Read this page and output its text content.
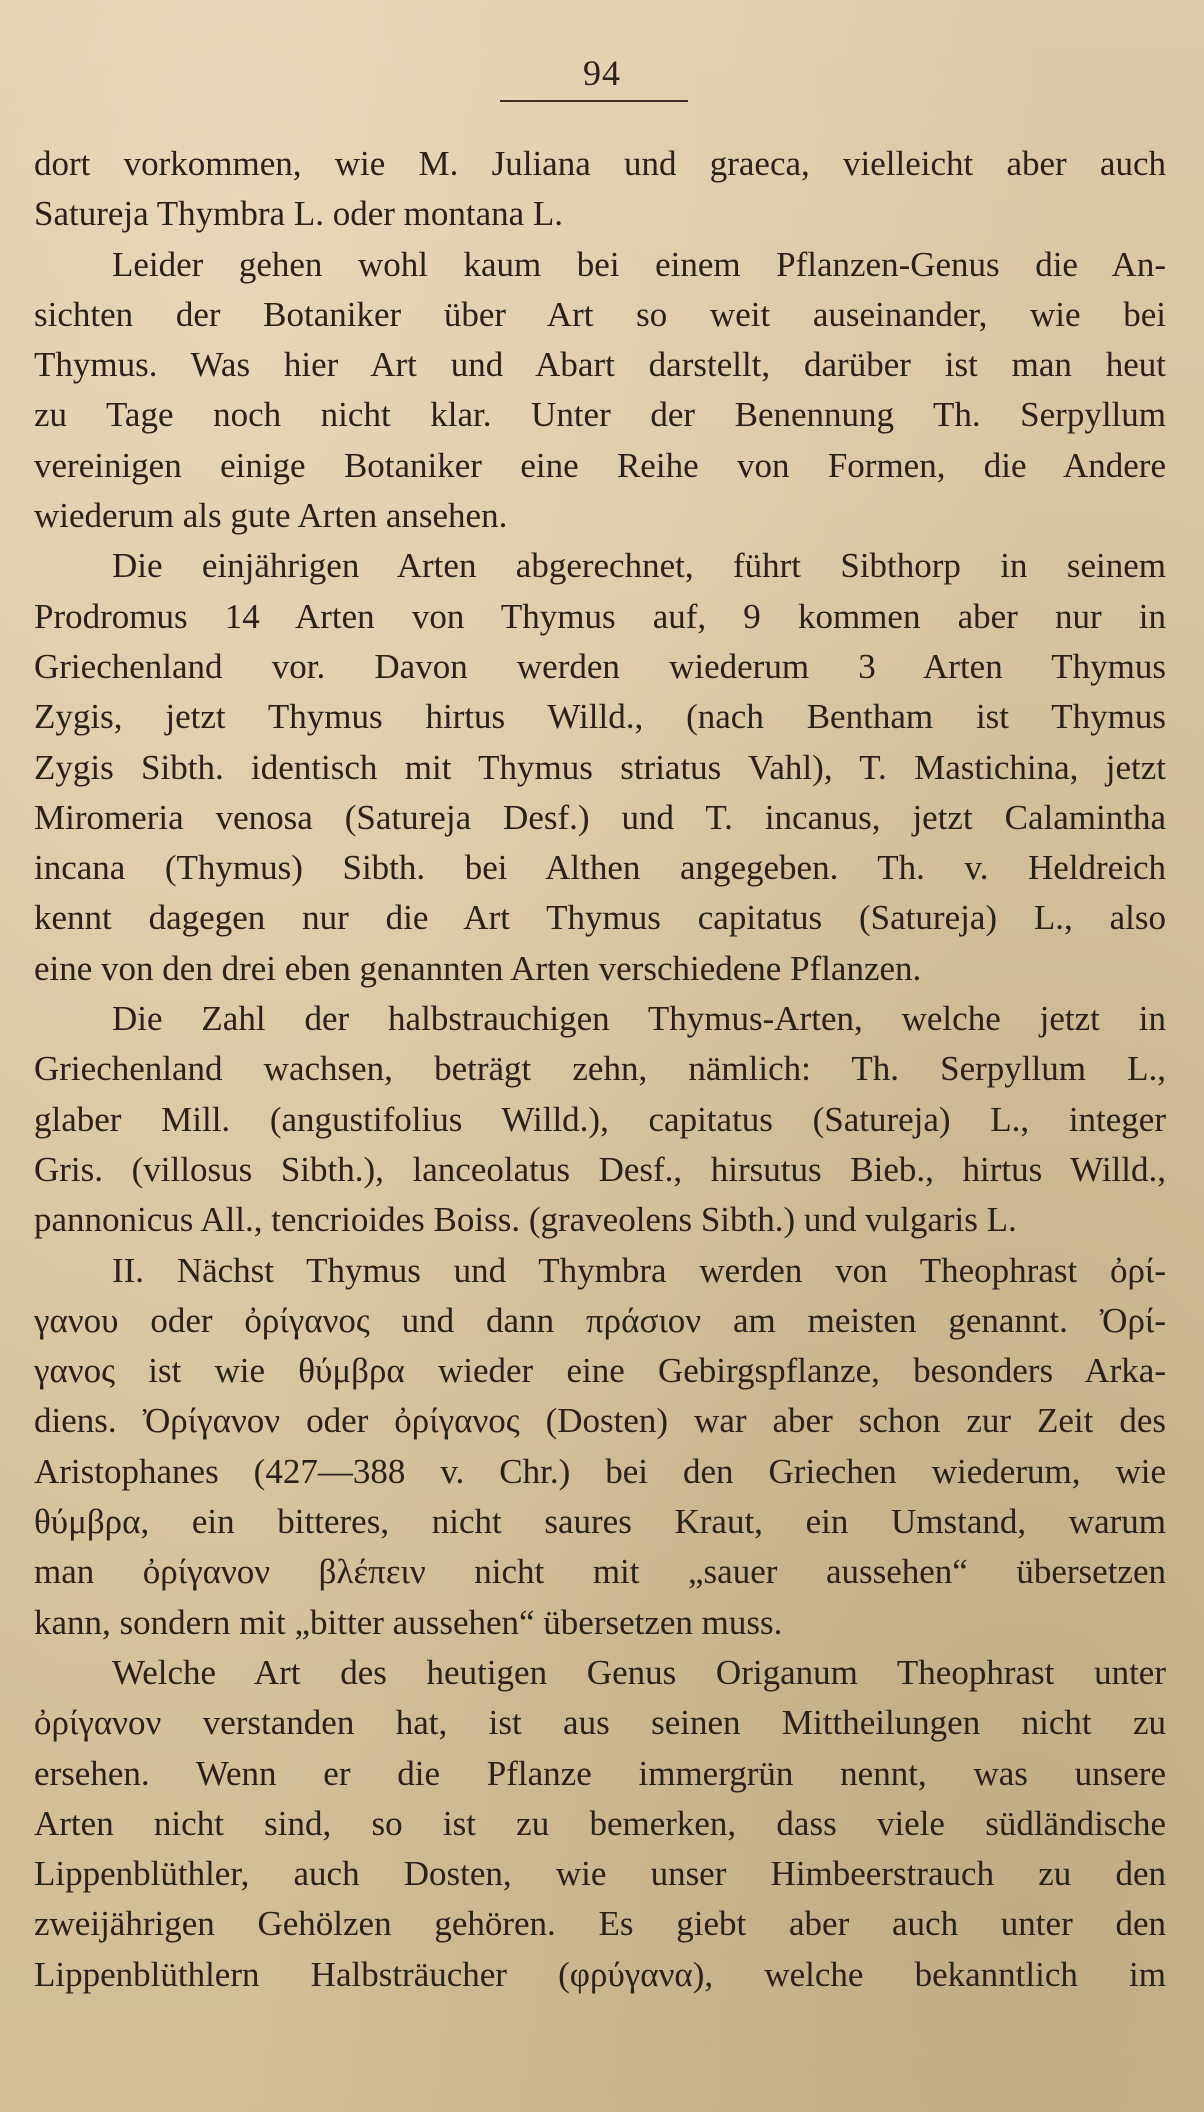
94
dort vorkommen, wie M. Juliana und graeca, vielleicht aber auch
Satureja Thymbra L. oder montana L.
Leider gehen wohl kaum bei einem Pflanzen-Genus die An-
sichten der Botaniker über Art so weit auseinander, wie bei
Thymus. Was hier Art und Abart darstellt, darüber ist man heut
zu Tage noch nicht klar. Unter der Benennung Th. Serpyllum
vereinigen einige Botaniker eine Reihe von Formen, die Andere
wiederum als gute Arten ansehen.
Die einjährigen Arten abgerechnet, führt Sibthorp in seinem
Prodromus 14 Arten von Thymus auf, 9 kommen aber nur in
Griechenland vor. Davon werden wiederum 3 Arten Thymus
Zygis, jetzt Thymus hirtus Willd., (nach Bentham ist Thymus
Zygis Sibth. identisch mit Thymus striatus Vahl), T. Mastichina, jetzt
Miromeria venosa (Satureja Desf.) und T. incanus, jetzt Calamintha
incana (Thymus) Sibth. bei Althen angegeben. Th. v. Heldreich
kennt dagegen nur die Art Thymus capitatus (Satureja) L., also
eine von den drei eben genannten Arten verschiedene Pflanzen.
Die Zahl der halbstrauchigen Thymus-Arten, welche jetzt in
Griechenland wachsen, beträgt zehn, nämlich: Th. Serpyllum L.,
glaber Mill. (angustifolius Willd.), capitatus (Satureja) L., integer
Gris. (villosus Sibth.), lanceolatus Desf., hirsutus Bieb., hirtus Willd.,
pannonicus All., tencrioides Boiss. (graveolens Sibth.) und vulgaris L.
II. Nächst Thymus und Thymbra werden von Theophrast ὀρί-
γανου oder ὀρίγανος und dann πράσιον am meisten genannt. Ὀρί-
γανος ist wie θύμβρα wieder eine Gebirgspflanze, besonders Arka-
diens. Ὀρίγανον oder ὀρίγανος (Dosten) war aber schon zur Zeit des
Aristophanes (427—388 v. Chr.) bei den Griechen wiederum, wie
θύμβρα, ein bitteres, nicht saures Kraut, ein Umstand, warum
man ὀρίγανον βλέπειν nicht mit „sauer aussehen“ übersetzen
kann, sondern mit „bitter aussehen“ übersetzen muss.
Welche Art des heutigen Genus Origanum Theophrast unter
ὀρίγανον verstanden hat, ist aus seinen Mittheilungen nicht zu
ersehen. Wenn er die Pflanze immergrün nennt, was unsere
Arten nicht sind, so ist zu bemerken, dass viele südländische
Lippenblüthler, auch Dosten, wie unser Himbeerstrauch zu den
zweijährigen Gehölzen gehören. Es giebt aber auch unter den
Lippenblüthlern Halbsträucher (φρύγανα), welche bekanntlich im
